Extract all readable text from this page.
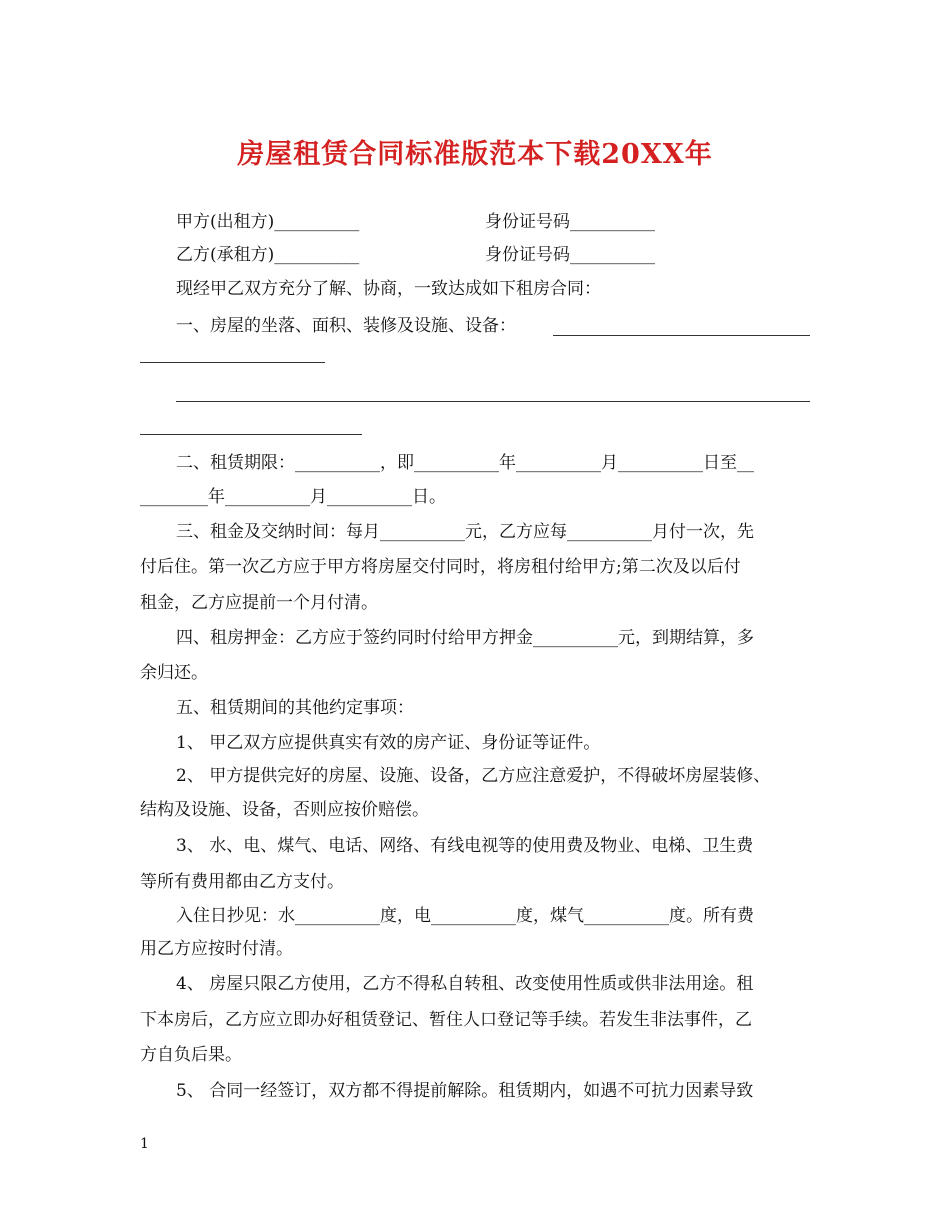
房屋租赁合同标准版范本下载20XX年
甲方(出租方)__________	身份证号码__________
乙方(承租方)__________	身份证号码__________
现经甲乙双方充分了解、协商，一致达成如下租房合同：
一、房屋的坐落、面积、装修及设施、设备：
二、租赁期限：__________，即__________年__________月__________日至__
________年__________月__________日。
三、租金及交纳时间：每月__________元，乙方应每__________月付一次，先
付后住。第一次乙方应于甲方将房屋交付同时，将房租付给甲方;第二次及以后付
租金，乙方应提前一个月付清。
四、租房押金：乙方应于签约同时付给甲方押金__________元，到期结算，多
余归还。
五、租赁期间的其他约定事项：
1、 甲乙双方应提供真实有效的房产证、身份证等证件。
2、 甲方提供完好的房屋、设施、设备，乙方应注意爱护，不得破坏房屋装修、
结构及设施、设备，否则应按价赔偿。
3、 水、电、煤气、电话、网络、有线电视等的使用费及物业、电梯、卫生费
等所有费用都由乙方支付。
入住日抄见：水__________度，电__________度，煤气__________度。所有费
用乙方应按时付清。
4、 房屋只限乙方使用，乙方不得私自转租、改变使用性质或供非法用途。租
下本房后，乙方应立即办好租赁登记、暂住人口登记等手续。若发生非法事件，乙
方自负后果。
5、 合同一经签订，双方都不得提前解除。租赁期内，如遇不可抗力因素导致
1
